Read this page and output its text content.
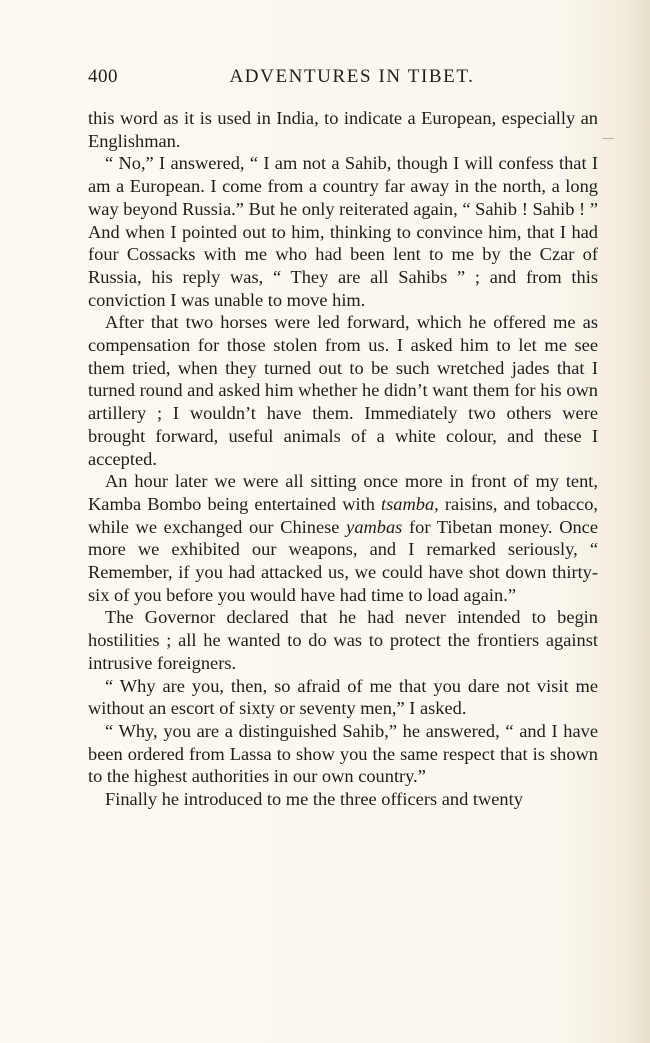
400	ADVENTURES IN TIBET.

this word as it is used in India, to indicate a European, especially an Englishman.

“ No,” I answered, “ I am not a Sahib, though I will confess that I am a European. I come from a country far away in the north, a long way beyond Russia.” But he only reiterated again, “ Sahib ! Sahib ! ” And when I pointed out to him, thinking to convince him, that I had four Cossacks with me who had been lent to me by the Czar of Russia, his reply was, “ They are all Sahibs ” ; and from this conviction I was unable to move him.

After that two horses were led forward, which he offered me as compensation for those stolen from us. I asked him to let me see them tried, when they turned out to be such wretched jades that I turned round and asked him whether he didn’t want them for his own artillery ; I wouldn’t have them. Immediately two others were brought forward, useful animals of a white colour, and these I accepted.

An hour later we were all sitting once more in front of my tent, Kamba Bombo being entertained with tsamba, raisins, and tobacco, while we exchanged our Chinese yambas for Tibetan money. Once more we exhibited our weapons, and I remarked seriously, “ Remember, if you had attacked us, we could have shot down thirty-six of you before you would have had time to load again.”

The Governor declared that he had never intended to begin hostilities ; all he wanted to do was to protect the frontiers against intrusive foreigners.

“ Why are you, then, so afraid of me that you dare not visit me without an escort of sixty or seventy men,” I asked.

“ Why, you are a distinguished Sahib,” he answered, “ and I have been ordered from Lassa to show you the same respect that is shown to the highest authorities in our own country.”

Finally he introduced to me the three officers and twenty
